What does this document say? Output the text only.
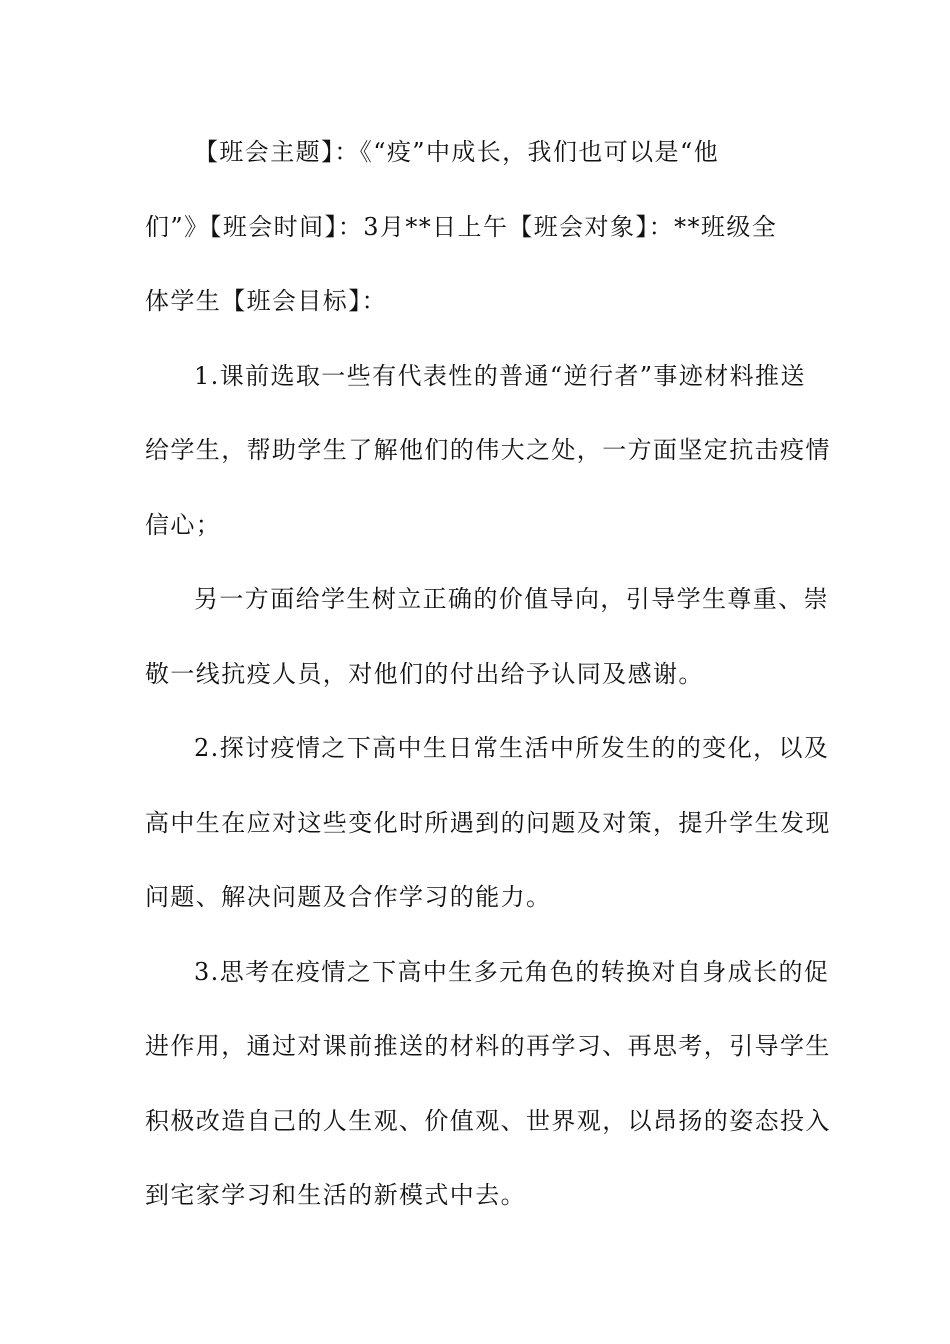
【班会主题】：《“疫”中成长，我们也可以是“他
们”》【班会时间】：3月**日上午【班会对象】：**班级全
体学生【班会目标】：
1.课前选取一些有代表性的普通“逆行者”事迹材料推送
给学生，帮助学生了解他们的伟大之处，一方面坚定抗击疫情
信心；
另一方面给学生树立正确的价值导向，引导学生尊重、崇
敬一线抗疫人员，对他们的付出给予认同及感谢。
2.探讨疫情之下高中生日常生活中所发生的的变化，以及
高中生在应对这些变化时所遇到的问题及对策，提升学生发现
问题、解决问题及合作学习的能力。
3.思考在疫情之下高中生多元角色的转换对自身成长的促
进作用，通过对课前推送的材料的再学习、再思考，引导学生
积极改造自己的人生观、价值观、世界观，以昂扬的姿态投入
到宅家学习和生活的新模式中去。
